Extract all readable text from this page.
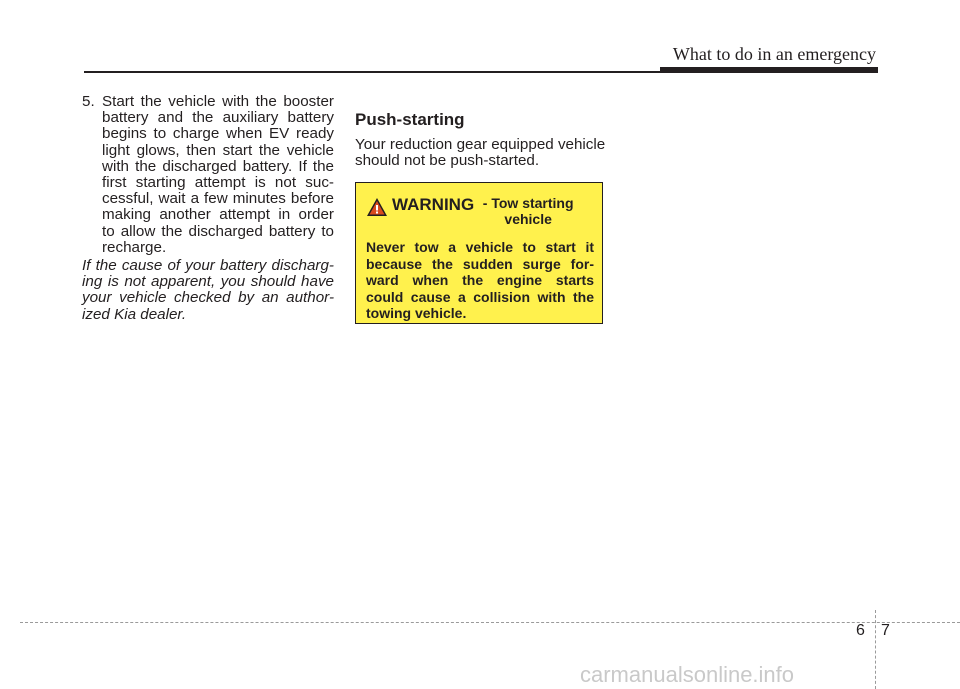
What to do in an emergency
5. Start the vehicle with the booster battery and the auxiliary battery begins to charge when EV ready light glows, then start the vehicle with the discharged battery. If the first starting attempt is not suc-cessful, wait a few minutes before making another attempt in order to allow the discharged battery to recharge.

If the cause of your battery discharg-ing is not apparent, you should have your vehicle checked by an author-ized Kia dealer.

Push-starting

Your reduction gear equipped vehicle should not be push-started.

WARNING - Tow starting vehicle

Never tow a vehicle to start it because the sudden surge for-ward when the engine starts could cause a collision with the towing vehicle.

6 7
carmanualsonline.info
